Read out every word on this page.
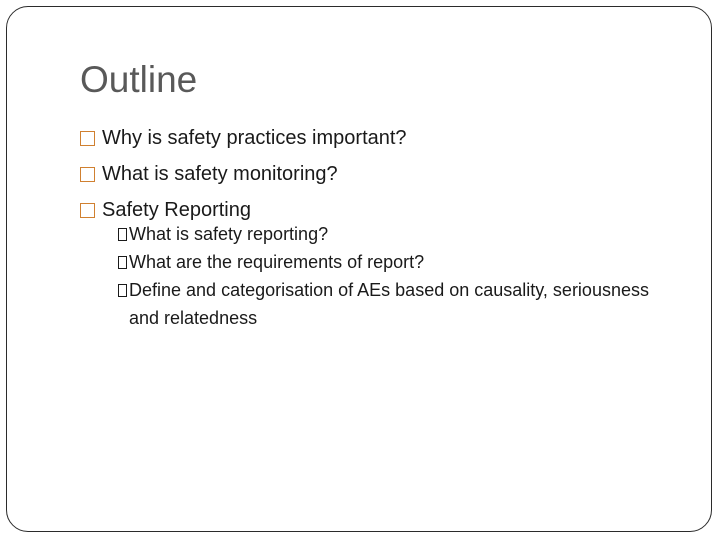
Outline
Why is safety practices important?
What is safety monitoring?
Safety Reporting
What is safety reporting?
What are the requirements of report?
Define and categorisation of AEs based on causality, seriousness and relatedness
